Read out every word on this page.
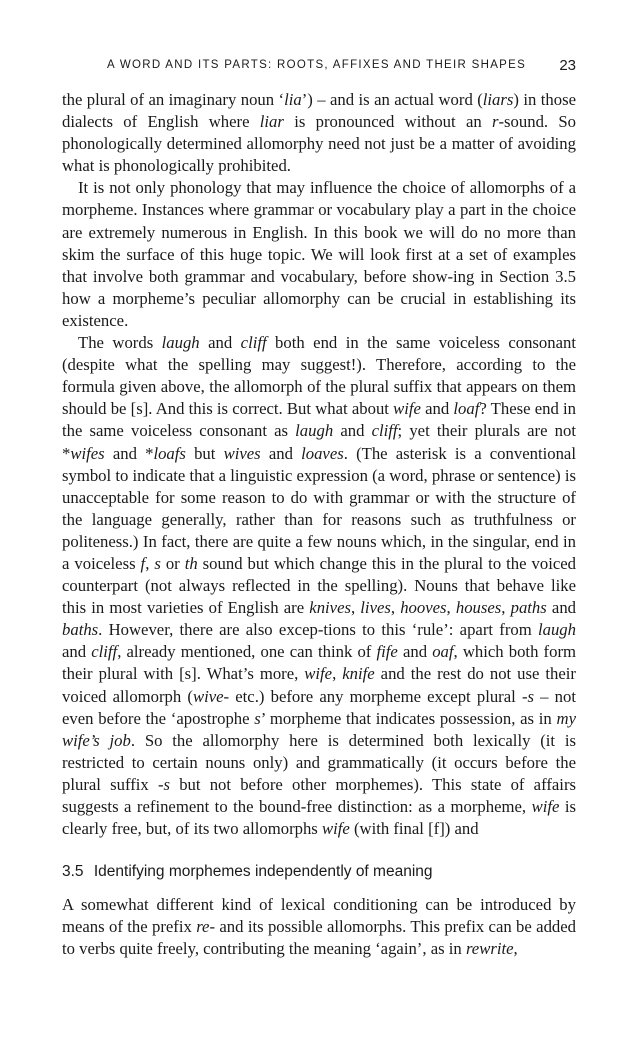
A WORD AND ITS PARTS: ROOTS, AFFIXES AND THEIR SHAPES 23

the plural of an imaginary noun ‘lia’) – and is an actual word (liars) in those dialects of English where liar is pronounced without an r-sound. So phonologically determined allomorphy need not just be a matter of avoiding what is phonologically prohibited.

It is not only phonology that may influence the choice of allomorphs of a morpheme. Instances where grammar or vocabulary play a part in the choice are extremely numerous in English. In this book we will do no more than skim the surface of this huge topic. We will look first at a set of examples that involve both grammar and vocabulary, before show-ing in Section 3.5 how a morpheme’s peculiar allomorphy can be crucial in establishing its existence.

The words laugh and cliff both end in the same voiceless consonant (despite what the spelling may suggest!). Therefore, according to the formula given above, the allomorph of the plural suffix that appears on them should be [s]. And this is correct. But what about wife and loaf? These end in the same voiceless consonant as laugh and cliff; yet their plurals are not *wifes and *loafs but wives and loaves. (The asterisk is a conventional symbol to indicate that a linguistic expression (a word, phrase or sentence) is unacceptable for some reason to do with grammar or with the structure of the language generally, rather than for reasons such as truthfulness or politeness.) In fact, there are quite a few nouns which, in the singular, end in a voiceless f, s or th sound but which change this in the plural to the voiced counterpart (not always reflected in the spelling). Nouns that behave like this in most varieties of English are knives, lives, hooves, houses, paths and baths. However, there are also excep-tions to this ‘rule’: apart from laugh and cliff, already mentioned, one can think of fife and oaf, which both form their plural with [s]. What’s more, wife, knife and the rest do not use their voiced allomorph (wive- etc.) before any morpheme except plural -s – not even before the ‘apostrophe s’ morpheme that indicates possession, as in my wife’s job. So the allomorphy here is determined both lexically (it is restricted to certain nouns only) and grammatically (it occurs before the plural suffix -s but not before other morphemes). This state of affairs suggests a refinement to the bound-free distinction: as a morpheme, wife is clearly free, but, of its two allomorphs wife (with final [f]) and

3.5 Identifying morphemes independently of meaning

A somewhat different kind of lexical conditioning can be introduced by means of the prefix re- and its possible allomorphs. This prefix can be added to verbs quite freely, contributing the meaning ‘again’, as in rewrite,
